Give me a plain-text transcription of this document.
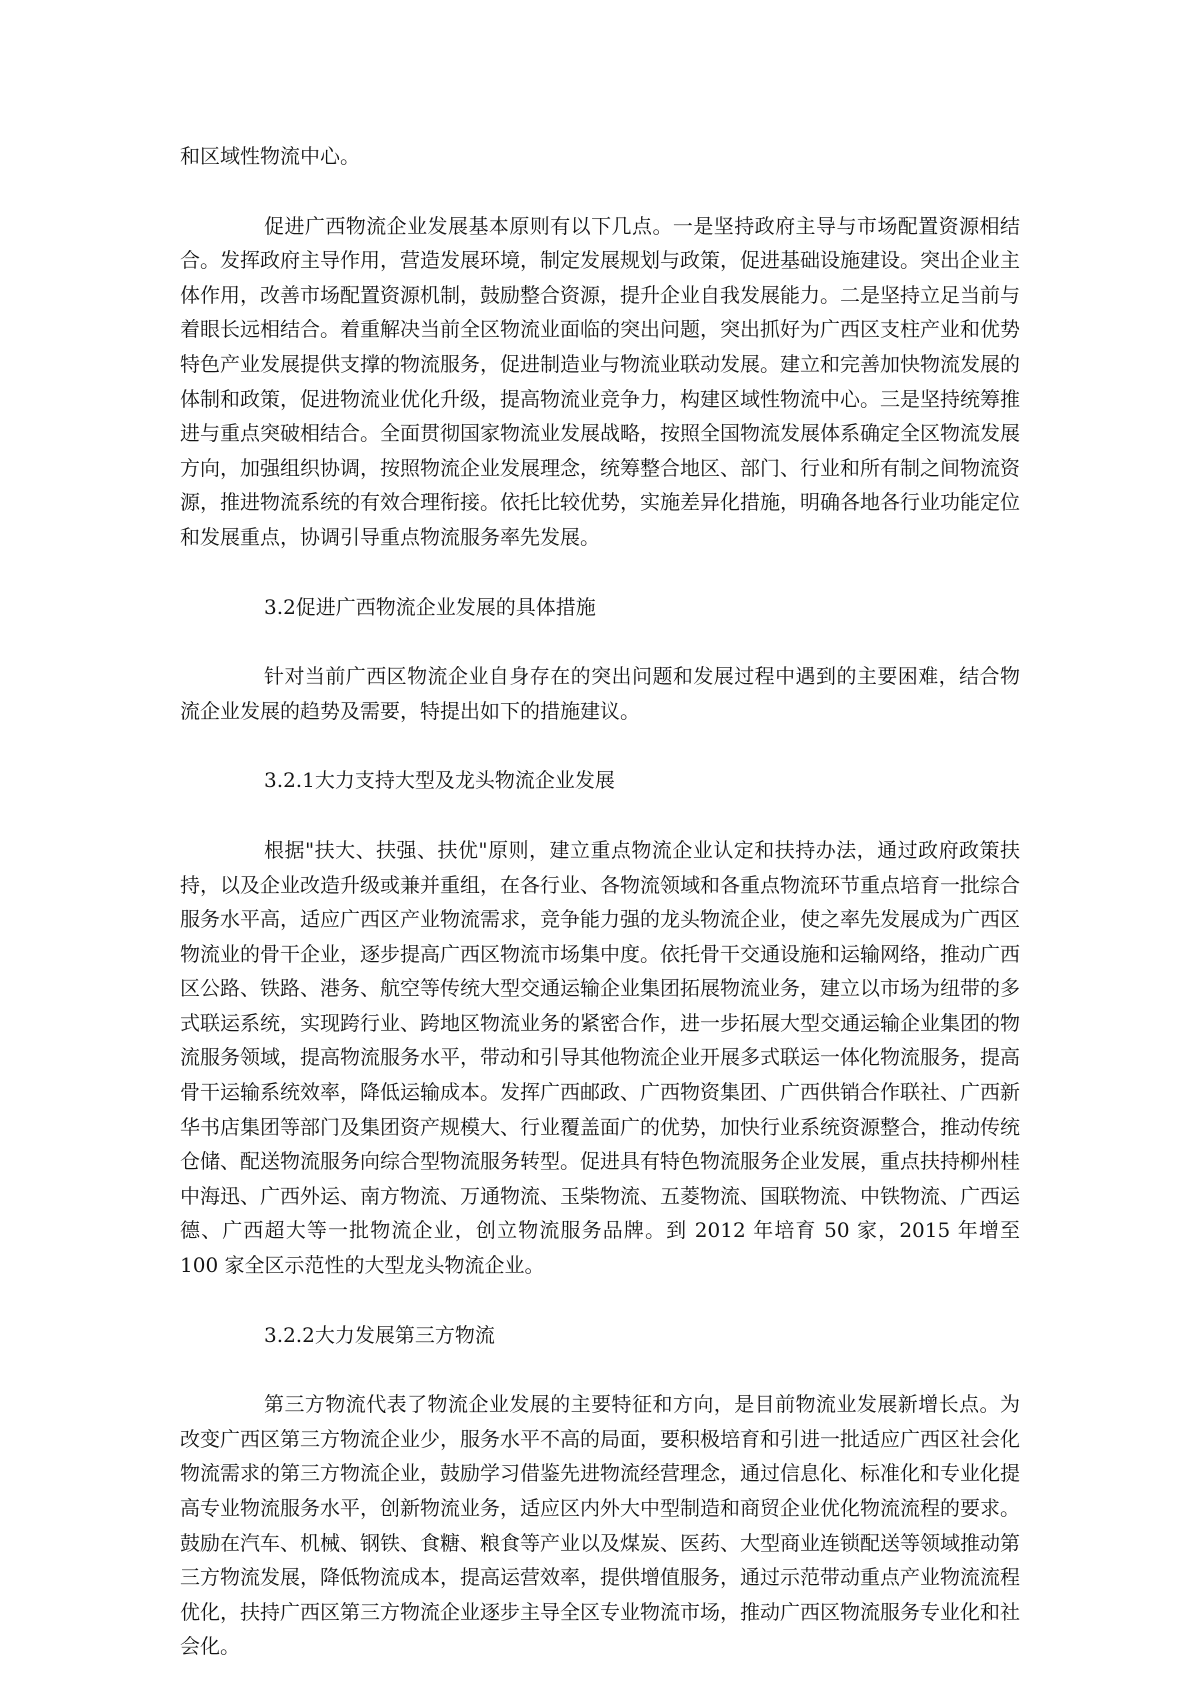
和区域性物流中心。

促进广西物流企业发展基本原则有以下几点。一是坚持政府主导与市场配置资源相结合。发挥政府主导作用，营造发展环境，制定发展规划与政策，促进基础设施建设。突出企业主体作用，改善市场配置资源机制，鼓励整合资源，提升企业自我发展能力。二是坚持立足当前与着眼长远相结合。着重解决当前全区物流业面临的突出问题，突出抓好为广西区支柱产业和优势特色产业发展提供支撑的物流服务，促进制造业与物流业联动发展。建立和完善加快物流发展的体制和政策，促进物流业优化升级，提高物流业竞争力，构建区域性物流中心。三是坚持统筹推进与重点突破相结合。全面贯彻国家物流业发展战略，按照全国物流发展体系确定全区物流发展方向，加强组织协调，按照物流企业发展理念，统筹整合地区、部门、行业和所有制之间物流资源，推进物流系统的有效合理衔接。依托比较优势，实施差异化措施，明确各地各行业功能定位和发展重点，协调引导重点物流服务率先发展。

3.2促进广西物流企业发展的具体措施

针对当前广西区物流企业自身存在的突出问题和发展过程中遇到的主要困难，结合物流企业发展的趋势及需要，特提出如下的措施建议。

3.2.1大力支持大型及龙头物流企业发展

根据"扶大、扶强、扶优"原则，建立重点物流企业认定和扶持办法，通过政府政策扶持，以及企业改造升级或兼并重组，在各行业、各物流领域和各重点物流环节重点培育一批综合服务水平高，适应广西区产业物流需求，竞争能力强的龙头物流企业，使之率先发展成为广西区物流业的骨干企业，逐步提高广西区物流市场集中度。依托骨干交通设施和运输网络，推动广西区公路、铁路、港务、航空等传统大型交通运输企业集团拓展物流业务，建立以市场为纽带的多式联运系统，实现跨行业、跨地区物流业务的紧密合作，进一步拓展大型交通运输企业集团的物流服务领域，提高物流服务水平，带动和引导其他物流企业开展多式联运一体化物流服务，提高骨干运输系统效率，降低运输成本。发挥广西邮政、广西物资集团、广西供销合作联社、广西新华书店集团等部门及集团资产规模大、行业覆盖面广的优势，加快行业系统资源整合，推动传统仓储、配送物流服务向综合型物流服务转型。促进具有特色物流服务企业发展，重点扶持柳州桂中海迅、广西外运、南方物流、万通物流、玉柴物流、五菱物流、国联物流、中铁物流、广西运德、广西超大等一批物流企业，创立物流服务品牌。到 2012 年培育 50 家，2015 年增至 100 家全区示范性的大型龙头物流企业。

3.2.2大力发展第三方物流

第三方物流代表了物流企业发展的主要特征和方向，是目前物流业发展新增长点。为改变广西区第三方物流企业少，服务水平不高的局面，要积极培育和引进一批适应广西区社会化物流需求的第三方物流企业，鼓励学习借鉴先进物流经营理念，通过信息化、标准化和专业化提高专业物流服务水平，创新物流业务，适应区内外大中型制造和商贸企业优化物流流程的要求。鼓励在汽车、机械、钢铁、食糖、粮食等产业以及煤炭、医药、大型商业连锁配送等领域推动第三方物流发展，降低物流成本，提高运营效率，提供增值服务，通过示范带动重点产业物流流程优化，扶持广西区第三方物流企业逐步主导全区专业物流市场，推动广西区物流服务专业化和社会化。
